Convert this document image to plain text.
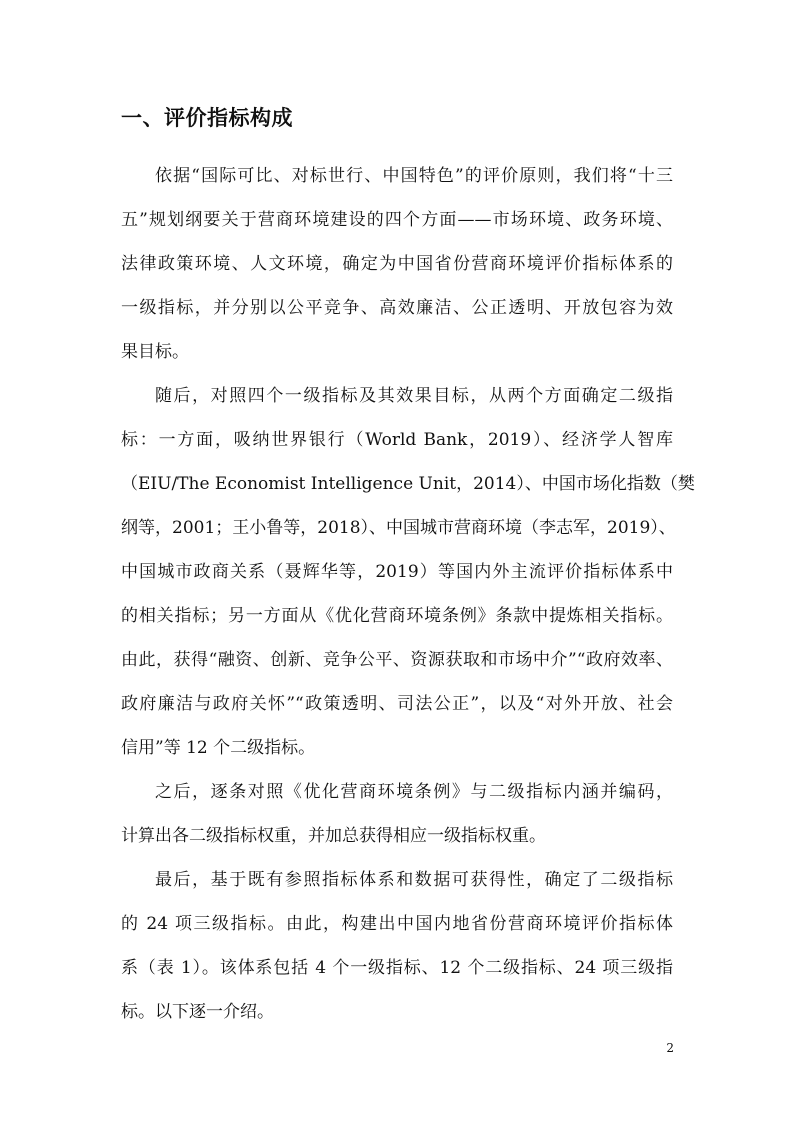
一、评价指标构成

依据“国际可比、对标世行、中国特色”的评价原则，我们将“十三

五”规划纲要关于营商环境建设的四个方面——市场环境、政务环境、

法律政策环境、人文环境，确定为中国省份营商环境评价指标体系的

一级指标，并分别以公平竞争、高效廉洁、公正透明、开放包容为效

果目标。

随后，对照四个一级指标及其效果目标，从两个方面确定二级指

标：一方面，吸纳世界银行（World Bank，2019）、经济学人智库

（EIU/The Economist Intelligence Unit，2014）、中国市场化指数（樊

纲等，2001；王小鲁等，2018）、中国城市营商环境（李志军，2019）、

中国城市政商关系（聂辉华等，2019）等国内外主流评价指标体系中

的相关指标；另一方面从《优化营商环境条例》条款中提炼相关指标。

由此，获得“融资、创新、竞争公平、资源获取和市场中介”“政府效率、

政府廉洁与政府关怀”“政策透明、司法公正”，以及“对外开放、社会

信用”等 12 个二级指标。

之后，逐条对照《优化营商环境条例》与二级指标内涵并编码，

计算出各二级指标权重，并加总获得相应一级指标权重。

最后，基于既有参照指标体系和数据可获得性，确定了二级指标

的 24 项三级指标。由此，构建出中国内地省份营商环境评价指标体

系（表 1）。该体系包括 4 个一级指标、12 个二级指标、24 项三级指

标。以下逐一介绍。

2
